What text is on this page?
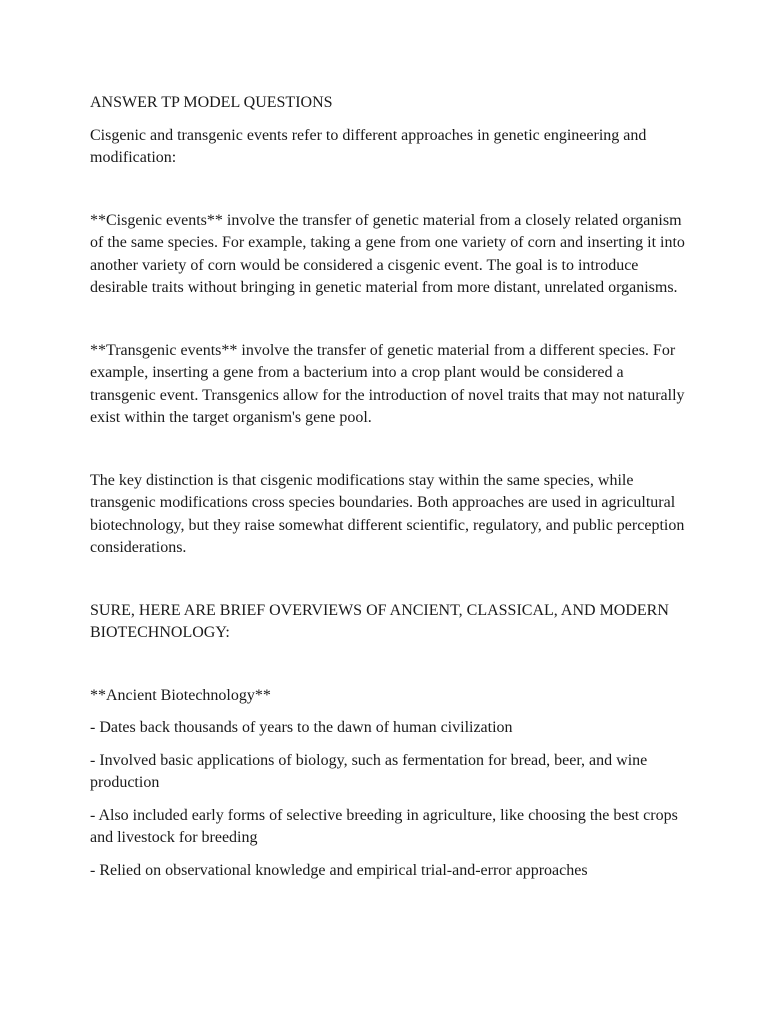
ANSWER TP MODEL QUESTIONS

Cisgenic and transgenic events refer to different approaches in genetic engineering and modification:

**Cisgenic events** involve the transfer of genetic material from a closely related organism of the same species. For example, taking a gene from one variety of corn and inserting it into another variety of corn would be considered a cisgenic event. The goal is to introduce desirable traits without bringing in genetic material from more distant, unrelated organisms.

**Transgenic events** involve the transfer of genetic material from a different species. For example, inserting a gene from a bacterium into a crop plant would be considered a transgenic event. Transgenics allow for the introduction of novel traits that may not naturally exist within the target organism's gene pool.

The key distinction is that cisgenic modifications stay within the same species, while transgenic modifications cross species boundaries. Both approaches are used in agricultural biotechnology, but they raise somewhat different scientific, regulatory, and public perception considerations.

SURE, HERE ARE BRIEF OVERVIEWS OF ANCIENT, CLASSICAL, AND MODERN BIOTECHNOLOGY:

**Ancient Biotechnology**

- Dates back thousands of years to the dawn of human civilization

- Involved basic applications of biology, such as fermentation for bread, beer, and wine production

- Also included early forms of selective breeding in agriculture, like choosing the best crops and livestock for breeding

- Relied on observational knowledge and empirical trial-and-error approaches
